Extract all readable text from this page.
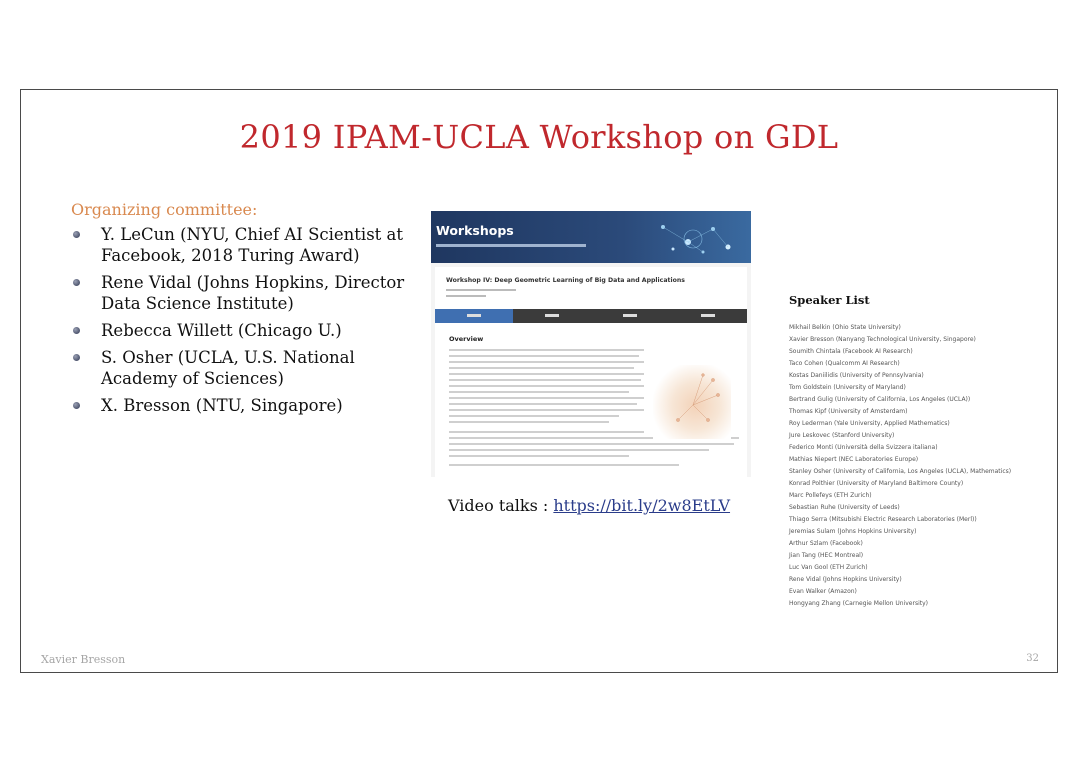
2019 IPAM-UCLA Workshop on GDL
Organizing committee:
Y. LeCun (NYU, Chief AI Scientist at Facebook, 2018 Turing Award)
Rene Vidal (Johns Hopkins, Director Data Science Institute)
Rebecca Willett (Chicago U.)
S. Osher (UCLA, U.S. National Academy of Sciences)
X. Bresson (NTU, Singapore)
Workshops
Workshop IV: Deep Geometric Learning of Big Data and Applications
Overview
Video talks : https://bit.ly/2w8EtLV
Speaker List
Mikhail Belkin (Ohio State University)
Xavier Bresson (Nanyang Technological University, Singapore)
Soumith Chintala (Facebook AI Research)
Taco Cohen (Qualcomm AI Research)
Kostas Daniilidis (University of Pennsylvania)
Tom Goldstein (University of Maryland)
Bertrand Gulig (University of California, Los Angeles (UCLA))
Thomas Kipf (University of Amsterdam)
Roy Lederman (Yale University, Applied Mathematics)
Jure Leskovec (Stanford University)
Federico Monti (Università della Svizzera italiana)
Mathias Niepert (NEC Laboratories Europe)
Stanley Osher (University of California, Los Angeles (UCLA), Mathematics)
Konrad Polthier (University of Maryland Baltimore County)
Marc Pollefeys (ETH Zurich)
Sebastian Ruhe (University of Leeds)
Thiago Serra (Mitsubishi Electric Research Laboratories (Merl))
Jeremias Sulam (Johns Hopkins University)
Arthur Szlam (Facebook)
Jian Tang (HEC Montreal)
Luc Van Gool (ETH Zurich)
Rene Vidal (Johns Hopkins University)
Evan Walker (Amazon)
Hongyang Zhang (Carnegie Mellon University)
Xavier Bresson	32
